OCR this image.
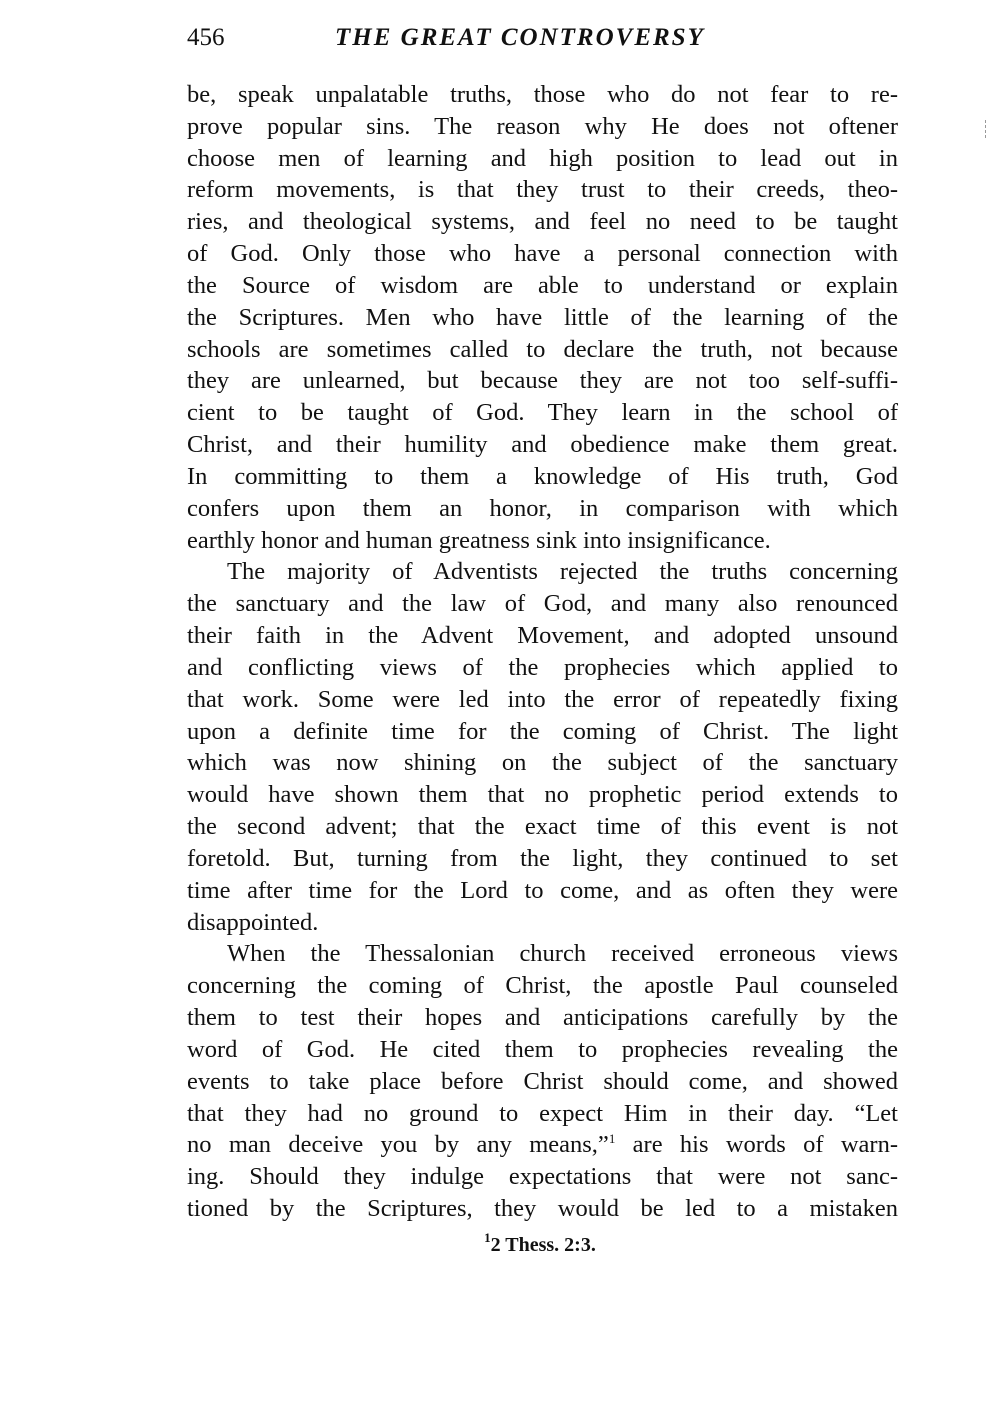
456	THE GREAT CONTROVERSY
be, speak unpalatable truths, those who do not fear to re-
prove popular sins. The reason why He does not oftener
choose men of learning and high position to lead out in
reform movements, is that they trust to their creeds, theo-
ries, and theological systems, and feel no need to be taught
of God. Only those who have a personal connection with
the Source of wisdom are able to understand or explain
the Scriptures. Men who have little of the learning of the
schools are sometimes called to declare the truth, not because
they are unlearned, but because they are not too self-suffi-
cient to be taught of God. They learn in the school of
Christ, and their humility and obedience make them great.
In committing to them a knowledge of His truth, God
confers upon them an honor, in comparison with which
earthly honor and human greatness sink into insignificance.
The majority of Adventists rejected the truths concerning
the sanctuary and the law of God, and many also renounced
their faith in the Advent Movement, and adopted unsound
and conflicting views of the prophecies which applied to
that work. Some were led into the error of repeatedly fixing
upon a definite time for the coming of Christ. The light
which was now shining on the subject of the sanctuary
would have shown them that no prophetic period extends to
the second advent; that the exact time of this event is not
foretold. But, turning from the light, they continued to set
time after time for the Lord to come, and as often they were
disappointed.
When the Thessalonian church received erroneous views
concerning the coming of Christ, the apostle Paul counseled
them to test their hopes and anticipations carefully by the
word of God. He cited them to prophecies revealing the
events to take place before Christ should come, and showed
that they had no ground to expect Him in their day. “Let
no man deceive you by any means,”$^1$ are his words of warn-
ing. Should they indulge expectations that were not sanc-
tioned by the Scriptures, they would be led to a mistaken
$^1$2 Thess. 2:3.
